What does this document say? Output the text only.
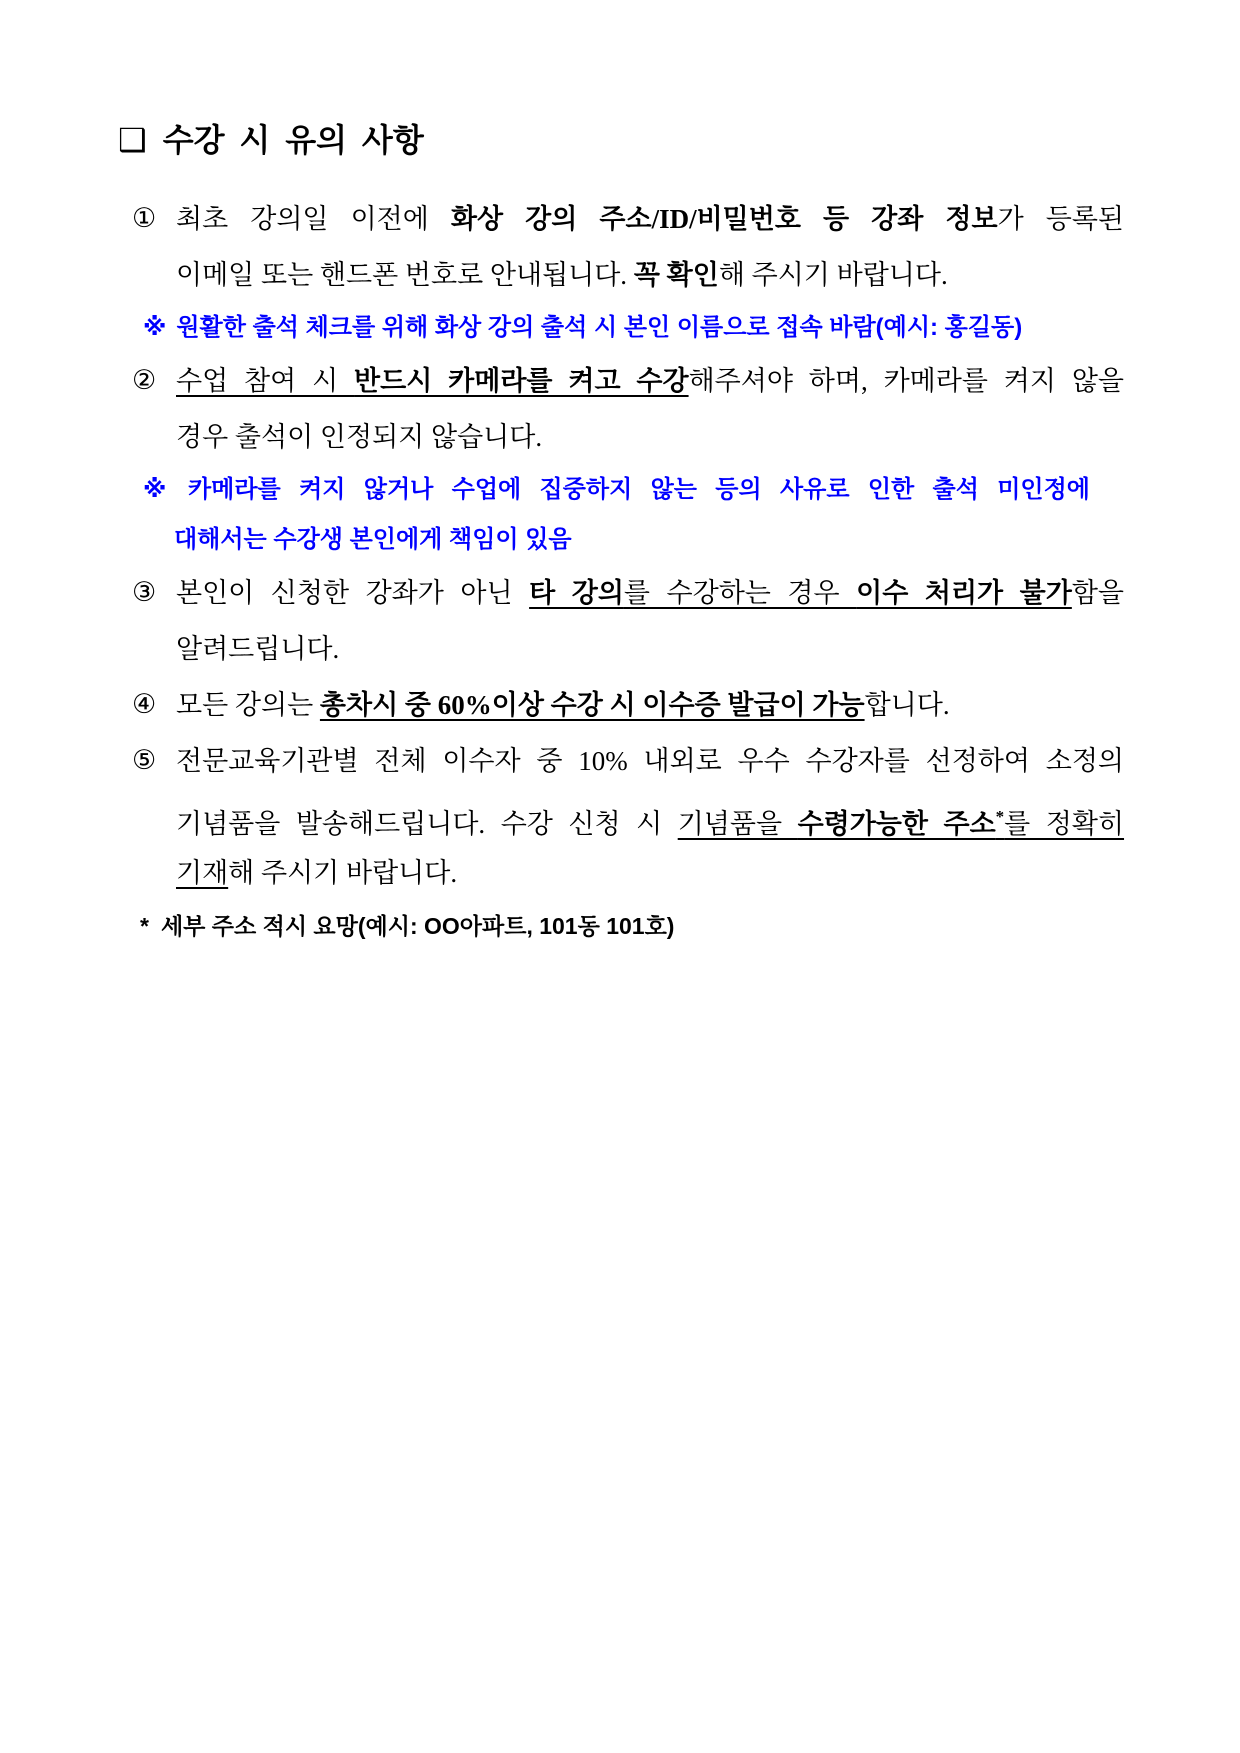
❑ 수강 시 유의 사항
① 최초 강의일 이전에 화상 강의 주소/ID/비밀번호 등 강좌 정보가 등록된
이메일 또는 핸드폰 번호로 안내됩니다. 꼭 확인해 주시기 바랍니다.
※ 원활한 출석 체크를 위해 화상 강의 출석 시 본인 이름으로 접속 바람(예시: 홍길동)
② 수업 참여 시 반드시 카메라를 켜고 수강해주셔야 하며, 카메라를 켜지 않을
경우 출석이 인정되지 않습니다.
※ 카메라를 켜지 않거나 수업에 집중하지 않는 등의 사유로 인한 출석 미인정에
대해서는 수강생 본인에게 책임이 있음
③ 본인이 신청한 강좌가 아닌 타 강의를 수강하는 경우 이수 처리가 불가함을
알려드립니다.
④ 모든 강의는 총차시 중 60%이상 수강 시 이수증 발급이 가능합니다.
⑤ 전문교육기관별 전체 이수자 중 10% 내외로 우수 수강자를 선정하여 소정의
기념품을 발송해드립니다. 수강 신청 시 기념품을 수령가능한 주소*를 정확히
기재해 주시기 바랍니다.
* 세부 주소 적시 요망(예시: OO아파트, 101동 101호)
